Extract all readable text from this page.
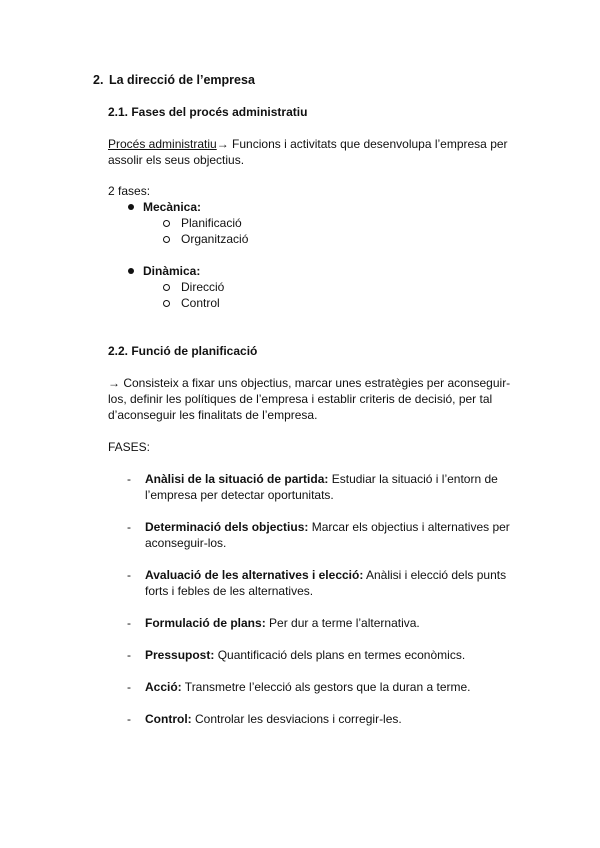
2. La direcció de l’empresa
2.1. Fases del procés administratiu
Procés administratiu→ Funcions i activitats que desenvolupa l’empresa per assolir els seus objectius.
2 fases:
Mecànica:
Planificació
Organització
Dinàmica:
Direcció
Control
2.2. Funció de planificació
→ Consisteix a fixar uns objectius, marcar unes estratègies per aconseguir-los, definir les polítiques de l’empresa i establir criteris de decisió, per tal d’aconseguir les finalitats de l’empresa.
FASES:
- Anàlisi de la situació de partida: Estudiar la situació i l’entorn de l’empresa per detectar oportunitats.
- Determinació dels objectius: Marcar els objectius i alternatives per aconseguir-los.
- Avaluació de les alternatives i elecció: Anàlisi i elecció dels punts forts i febles de les alternatives.
- Formulació de plans: Per dur a terme l’alternativa.
- Pressupost: Quantificació dels plans en termes econòmics.
- Acció: Transmetre l’elecció als gestors que la duran a terme.
- Control: Controlar les desviacions i corregir-les.
